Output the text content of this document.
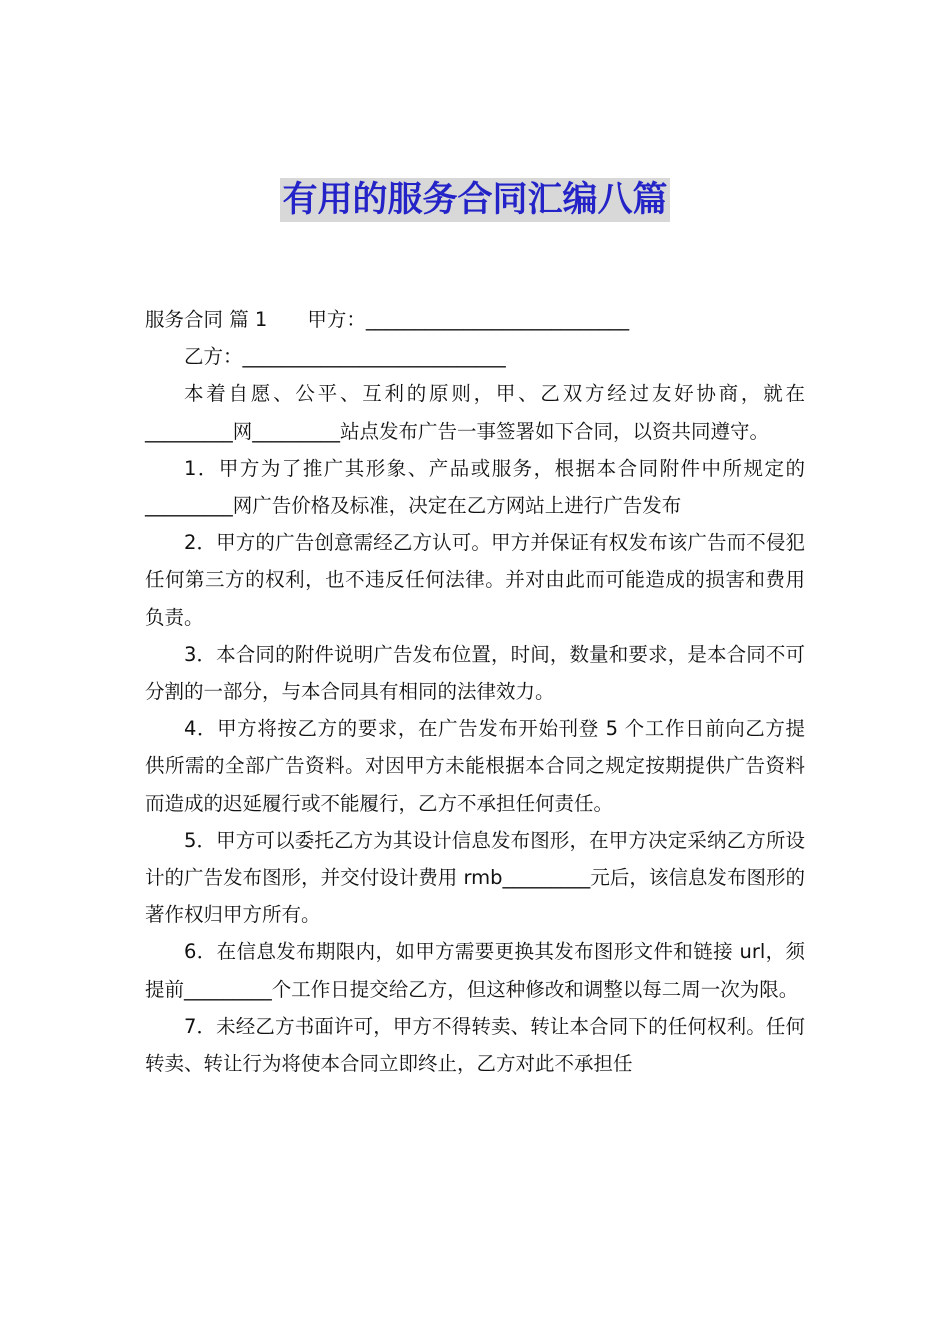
有用的服务合同汇编八篇

服务合同 篇 1 甲方：___________________________

乙方：___________________________

本着自愿、公平、互利的原则，甲、乙双方经过友好协商，就在_________网_________站点发布广告一事签署如下合同，以资共同遵守。

1．甲方为了推广其形象、产品或服务，根据本合同附件中所规定的_________网广告价格及标准，决定在乙方网站上进行广告发布

2．甲方的广告创意需经乙方认可。甲方并保证有权发布该广告而不侵犯任何第三方的权利，也不违反任何法律。并对由此而可能造成的损害和费用负责。

3．本合同的附件说明广告发布位置，时间，数量和要求，是本合同不可分割的一部分，与本合同具有相同的法律效力。

4．甲方将按乙方的要求，在广告发布开始刊登 5 个工作日前向乙方提供所需的全部广告资料。对因甲方未能根据本合同之规定按期提供广告资料而造成的迟延履行或不能履行，乙方不承担任何责任。

5．甲方可以委托乙方为其设计信息发布图形，在甲方决定采纳乙方所设计的广告发布图形，并交付设计费用 rmb_________元后，该信息发布图形的著作权归甲方所有。

6．在信息发布期限内，如甲方需要更换其发布图形文件和链接 url，须提前_________个工作日提交给乙方，但这种修改和调整以每二周一次为限。

7．未经乙方书面许可，甲方不得转卖、转让本合同下的任何权利。任何转卖、转让行为将使本合同立即终止，乙方对此不承担任
